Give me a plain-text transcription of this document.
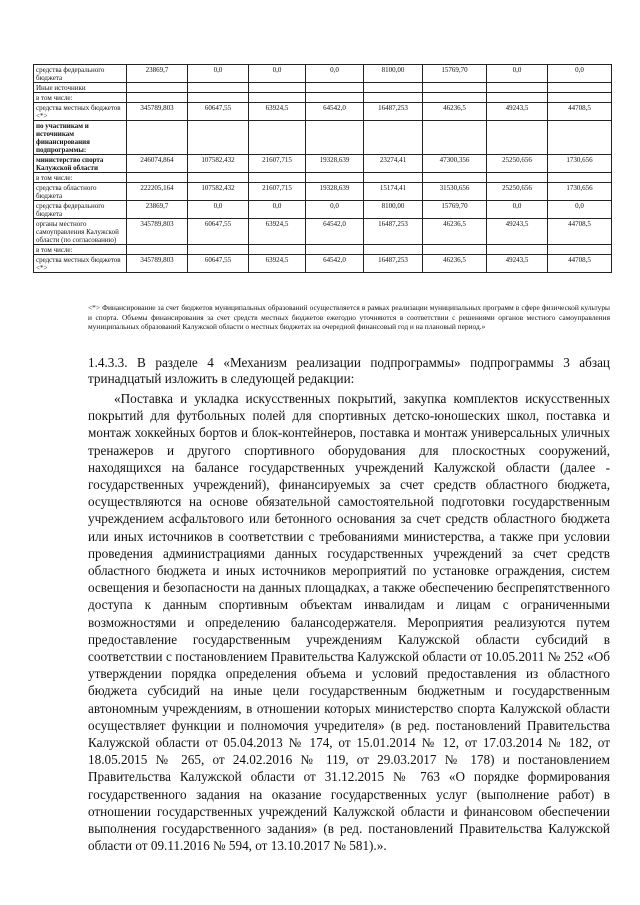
средства федерального бюджета	23869,7	0,0	0,0	0,0	8100,00	15769,70	0,0	0,0
Иные источники								
в том числе:								
средства местных бюджетов <*>	345789,803	60647,55	63924,5	64542,0	16487,253	46236,5	49243,5	44708,5
по участникам и источникам финансирования подпрограммы:								
министерство спорта Калужской области	246074,864	107582,432	21607,715	19328,639	23274,41	47300,356	25250,656	1730,656
в том числе:								
средства областного бюджета	222205,164	107582,432	21607,715	19328,639	15174,41	31530,656	25250,656	1730,656
средства федерального бюджета	23869,7	0,0	0,0	0,0	8100,00	15769,70	0,0	0,0
органы местного самоуправления Калужской области (по согласованию)	345789,803	60647,55	63924,5	64542,0	16487,253	46236,5	49243,5	44708,5
в том числе:								
средства местных бюджетов <*>	345789,803	60647,55	63924,5	64542,0	16487,253	46236,5	49243,5	44708,5
<*> Финансирование за счет бюджетов муниципальных образований осуществляется в рамках реализации муниципальных программ в сфере физической культуры и спорта. Объемы финансирования за счет средств местных бюджетов ежегодно уточняются в соответствии с решениями органов местного самоуправления муниципальных образований Калужской области о местных бюджетах на очередной финансовый год и на плановый период.»
1.4.3.3. В разделе 4 «Механизм реализации подпрограммы» подпрограммы 3 абзац тринадцатый изложить в следующей редакции:
«Поставка и укладка искусственных покрытий, закупка комплектов искусственных покрытий для футбольных полей для спортивных детско-юношеских школ, поставка и монтаж хоккейных бортов и блок-контейнеров, поставка и монтаж универсальных уличных тренажеров и другого спортивного оборудования для плоскостных сооружений, находящихся на балансе государственных учреждений Калужской области (далее - государственных учреждений), финансируемых за счет средств областного бюджета, осуществляются на основе обязательной самостоятельной подготовки государственным учреждением асфальтового или бетонного основания за счет средств областного бюджета или иных источников в соответствии с требованиями министерства, а также при условии проведения администрациями данных государственных учреждений за счет средств областного бюджета и иных источников мероприятий по установке ограждения, систем освещения и безопасности на данных площадках, а также обеспечению беспрепятственного доступа к данным спортивным объектам инвалидам и лицам с ограниченными возможностями и определению балансодержателя. Мероприятия реализуются путем предоставление государственным учреждениям Калужской области субсидий в соответствии с постановлением Правительства Калужской области от 10.05.2011 № 252 «Об утверждении порядка определения объема и условий предоставления из областного бюджета субсидий на иные цели государственным бюджетным и государственным автономным учреждениям, в отношении которых министерство спорта Калужской области осуществляет функции и полномочия учредителя» (в ред. постановлений Правительства Калужской области от 05.04.2013 № 174, от 15.01.2014 № 12, от 17.03.2014 № 182, от 18.05.2015 № 265, от 24.02.2016 № 119, от 29.03.2017 № 178) и постановлением Правительства Калужской области от 31.12.2015 № 763 «О порядке формирования государственного задания на оказание государственных услуг (выполнение работ) в отношении государственных учреждений Калужской области и финансовом обеспечении выполнения государственного задания» (в ред. постановлений Правительства Калужской области от 09.11.2016 № 594, от 13.10.2017 № 581).».
